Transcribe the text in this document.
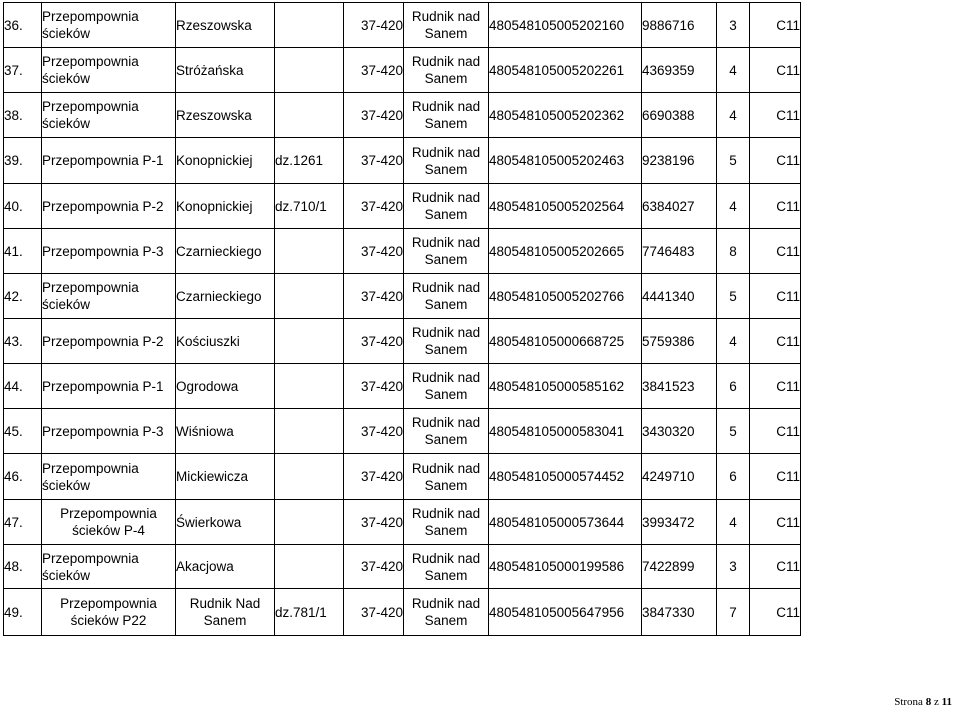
36.	Przepompownia ścieków	Rzeszowska		37-420	Rudnik nad Sanem	480548105005202160	9886716	3	C11
37.	Przepompownia ścieków	Stróżańska		37-420	Rudnik nad Sanem	480548105005202261	4369359	4	C11
38.	Przepompownia ścieków	Rzeszowska		37-420	Rudnik nad Sanem	480548105005202362	6690388	4	C11
39.	Przepompownia P-1	Konopnickiej	dz.1261	37-420	Rudnik nad Sanem	480548105005202463	9238196	5	C11
40.	Przepompownia P-2	Konopnickiej	dz.710/1	37-420	Rudnik nad Sanem	480548105005202564	6384027	4	C11
41.	Przepompownia P-3	Czarnieckiego		37-420	Rudnik nad Sanem	480548105005202665	7746483	8	C11
42.	Przepompownia ścieków	Czarnieckiego		37-420	Rudnik nad Sanem	480548105005202766	4441340	5	C11
43.	Przepompownia P-2	Kościuszki		37-420	Rudnik nad Sanem	480548105000668725	5759386	4	C11
44.	Przepompownia P-1	Ogrodowa		37-420	Rudnik nad Sanem	480548105000585162	3841523	6	C11
45.	Przepompownia P-3	Wiśniowa		37-420	Rudnik nad Sanem	480548105000583041	3430320	5	C11
46.	Przepompownia ścieków	Mickiewicza		37-420	Rudnik nad Sanem	480548105000574452	4249710	6	C11
47.	Przepompownia ścieków P-4	Świerkowa		37-420	Rudnik nad Sanem	480548105000573644	3993472	4	C11
48.	Przepompownia ścieków	Akacjowa		37-420	Rudnik nad Sanem	480548105000199586	7422899	3	C11
49.	Przepompownia ścieków P22	Rudnik Nad Sanem	dz.781/1	37-420	Rudnik nad Sanem	480548105005647956	3847330	7	C11
Strona 8 z 11
